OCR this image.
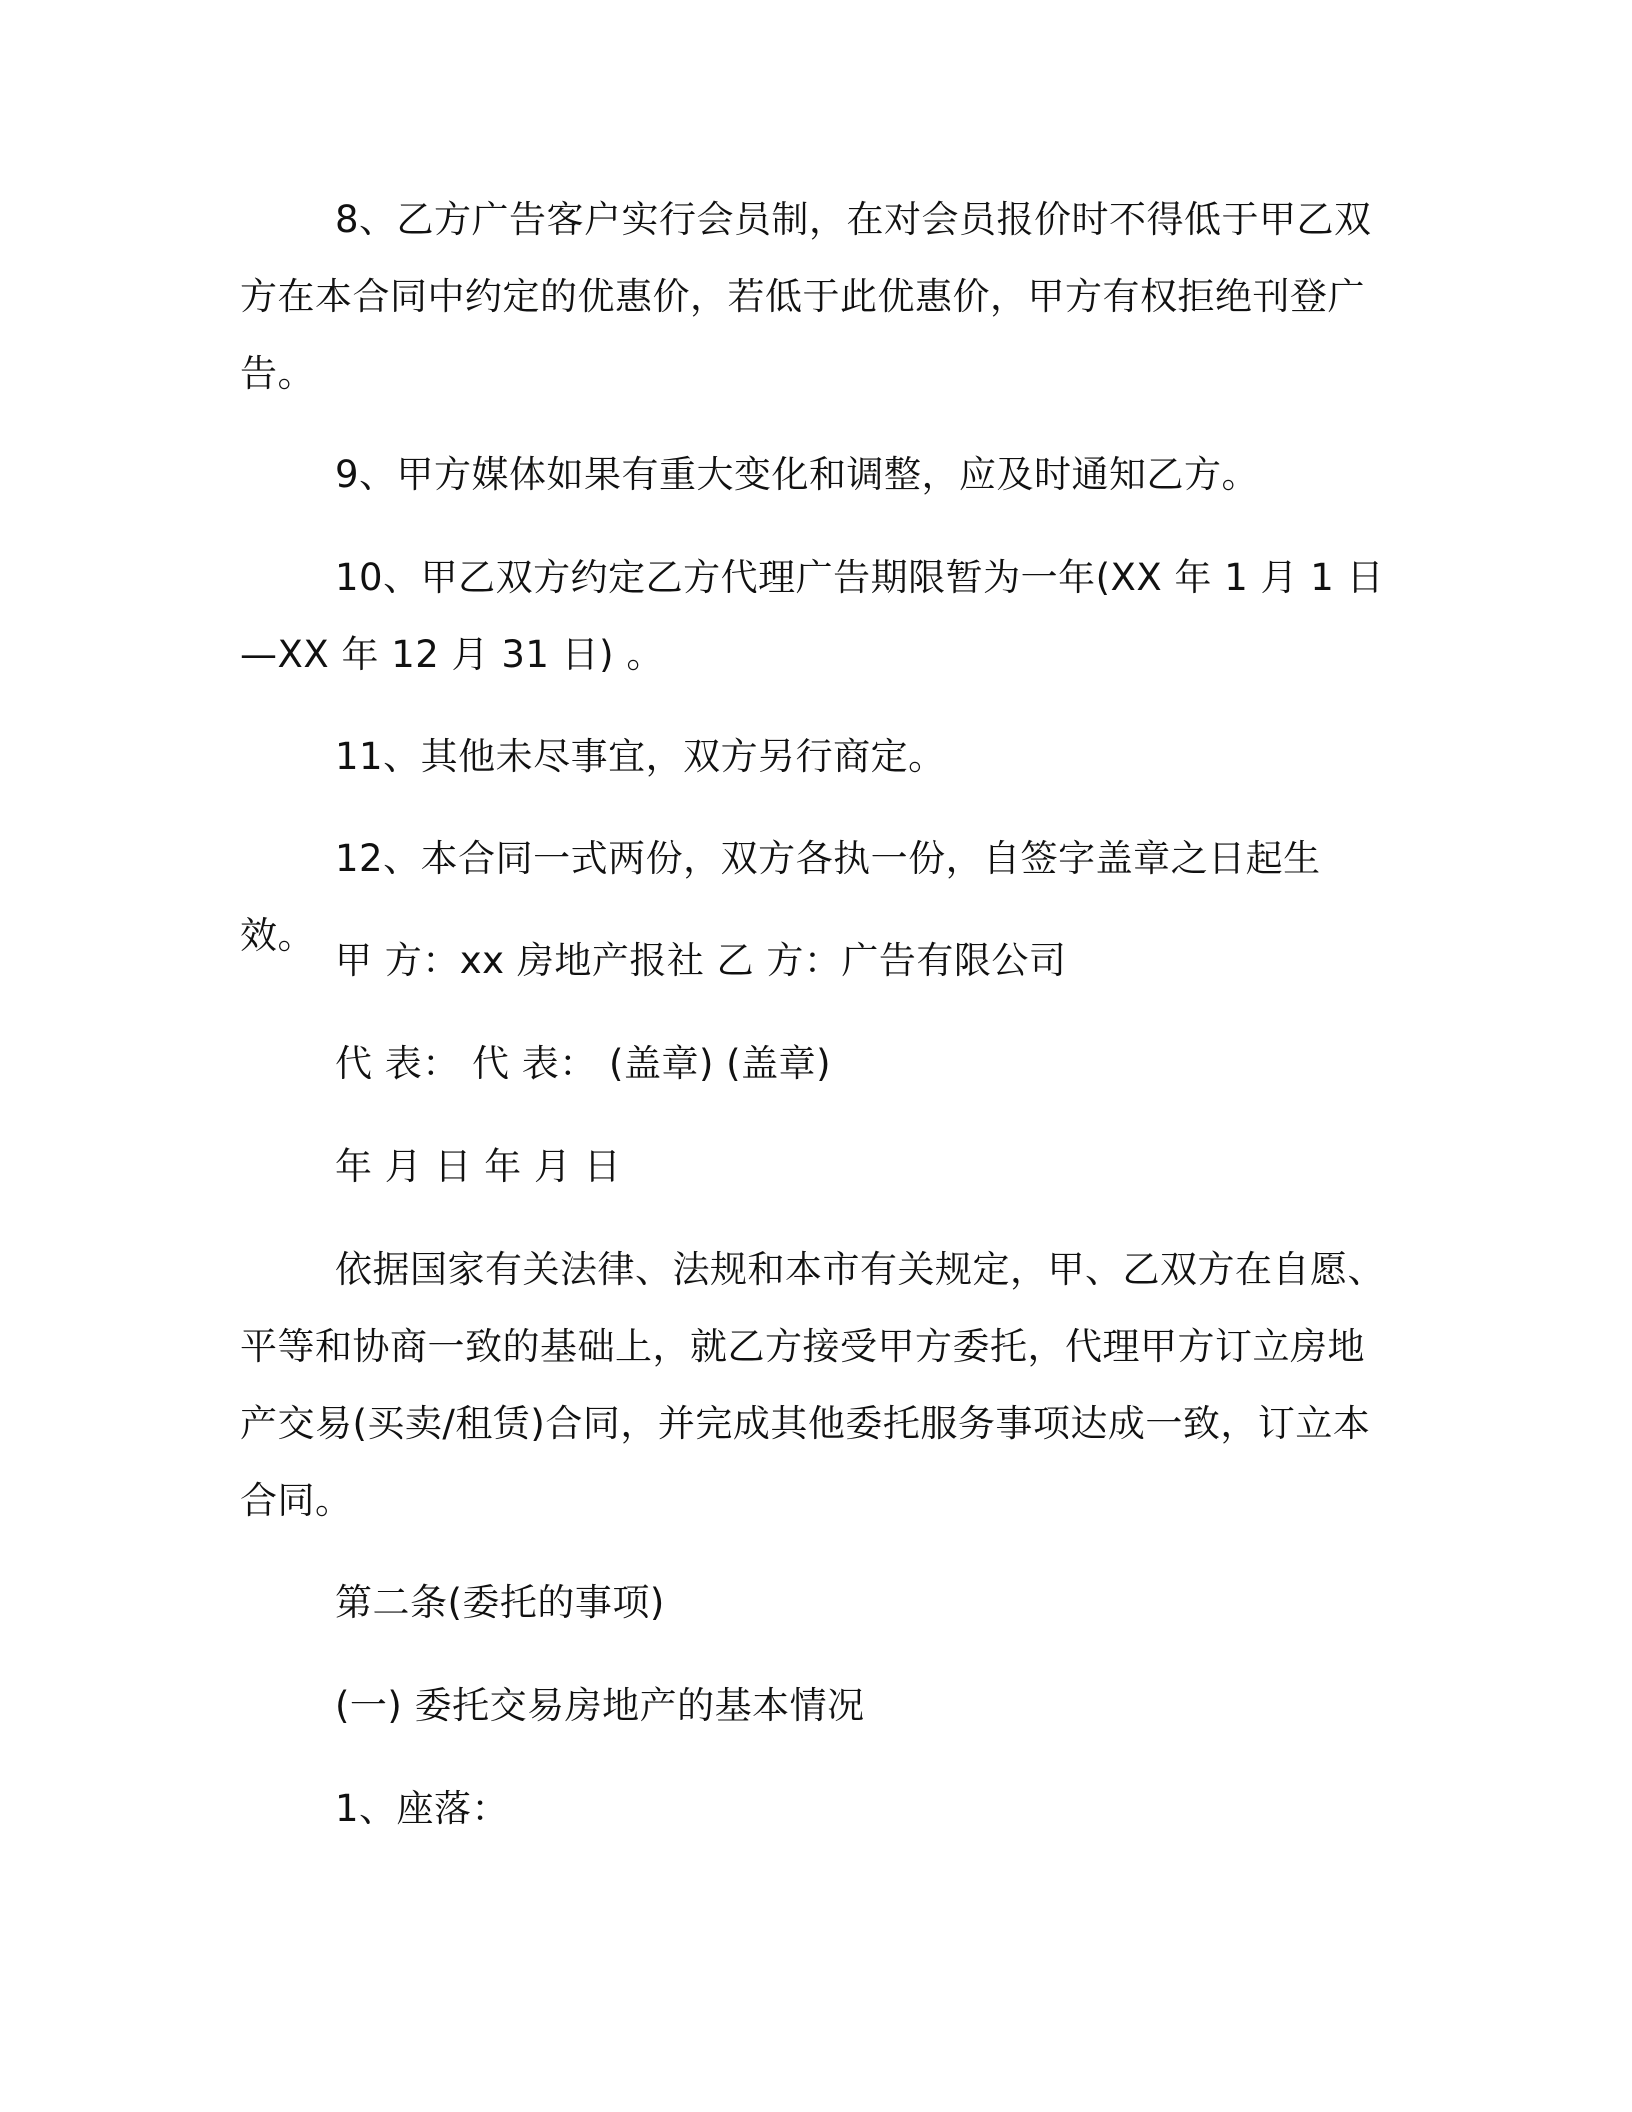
8、乙方广告客户实行会员制，在对会员报价时不得低于甲乙双方在本合同中约定的优惠价，若低于此优惠价，甲方有权拒绝刊登广告。

9、甲方媒体如果有重大变化和调整，应及时通知乙方。

10、甲乙双方约定乙方代理广告期限暂为一年(XX 年 1 月 1 日—XX 年 12 月 31 日) 。

11、其他未尽事宜，双方另行商定。

12、本合同一式两份，双方各执一份，自签字盖章之日起生效。

甲 方：xx 房地产报社 乙 方：广告有限公司

代 表： 代 表： (盖章) (盖章)

年 月 日 年 月 日

依据国家有关法律、法规和本市有关规定，甲、乙双方在自愿、平等和协商一致的基础上，就乙方接受甲方委托，代理甲方订立房地产交易(买卖/租赁)合同，并完成其他委托服务事项达成一致，订立本合同。

第二条(委托的事项)

(一) 委托交易房地产的基本情况

1、座落：
